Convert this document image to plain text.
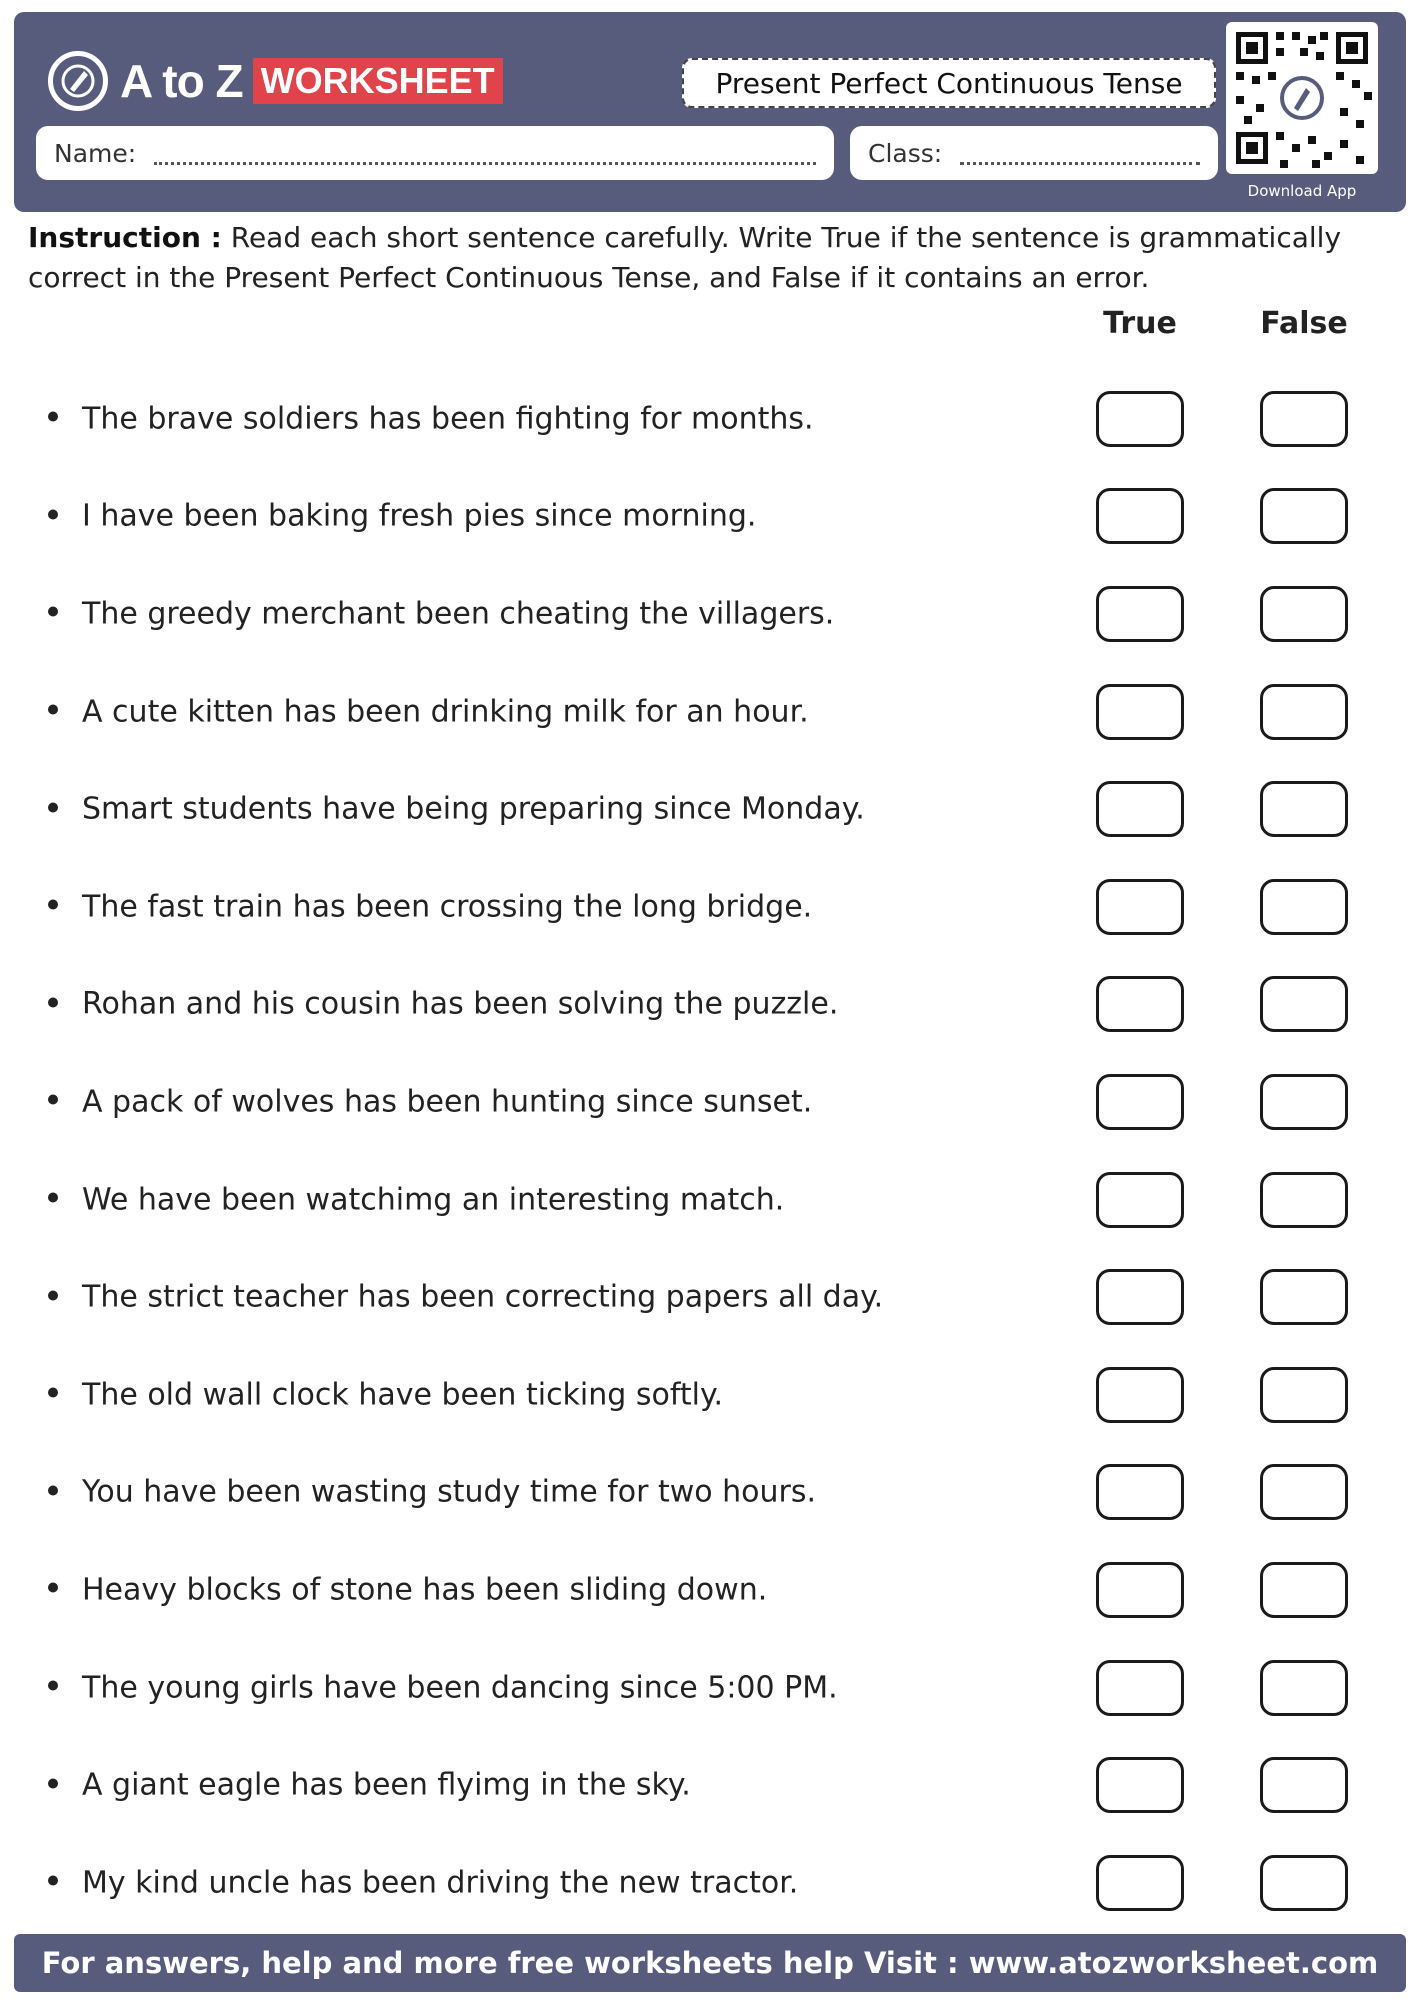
A to Z WORKSHEET	Present Perfect Continuous Tense
Name:	Class:
Download App
Instruction : Read each short sentence carefully. Write True if the sentence is grammatically correct in the Present Perfect Continuous Tense, and False if it contains an error.
True	False
The brave soldiers has been fighting for months.
I have been baking fresh pies since morning.
The greedy merchant been cheating the villagers.
A cute kitten has been drinking milk for an hour.
Smart students have being preparing since Monday.
The fast train has been crossing the long bridge.
Rohan and his cousin has been solving the puzzle.
A pack of wolves has been hunting since sunset.
We have been watchimg an interesting match.
The strict teacher has been correcting papers all day.
The old wall clock have been ticking softly.
You have been wasting study time for two hours.
Heavy blocks of stone has been sliding down.
The young girls have been dancing since 5:00 PM.
A giant eagle has been flyimg in the sky.
My kind uncle has been driving the new tractor.
For answers, help and more free worksheets help Visit : www.atozworksheet.com
